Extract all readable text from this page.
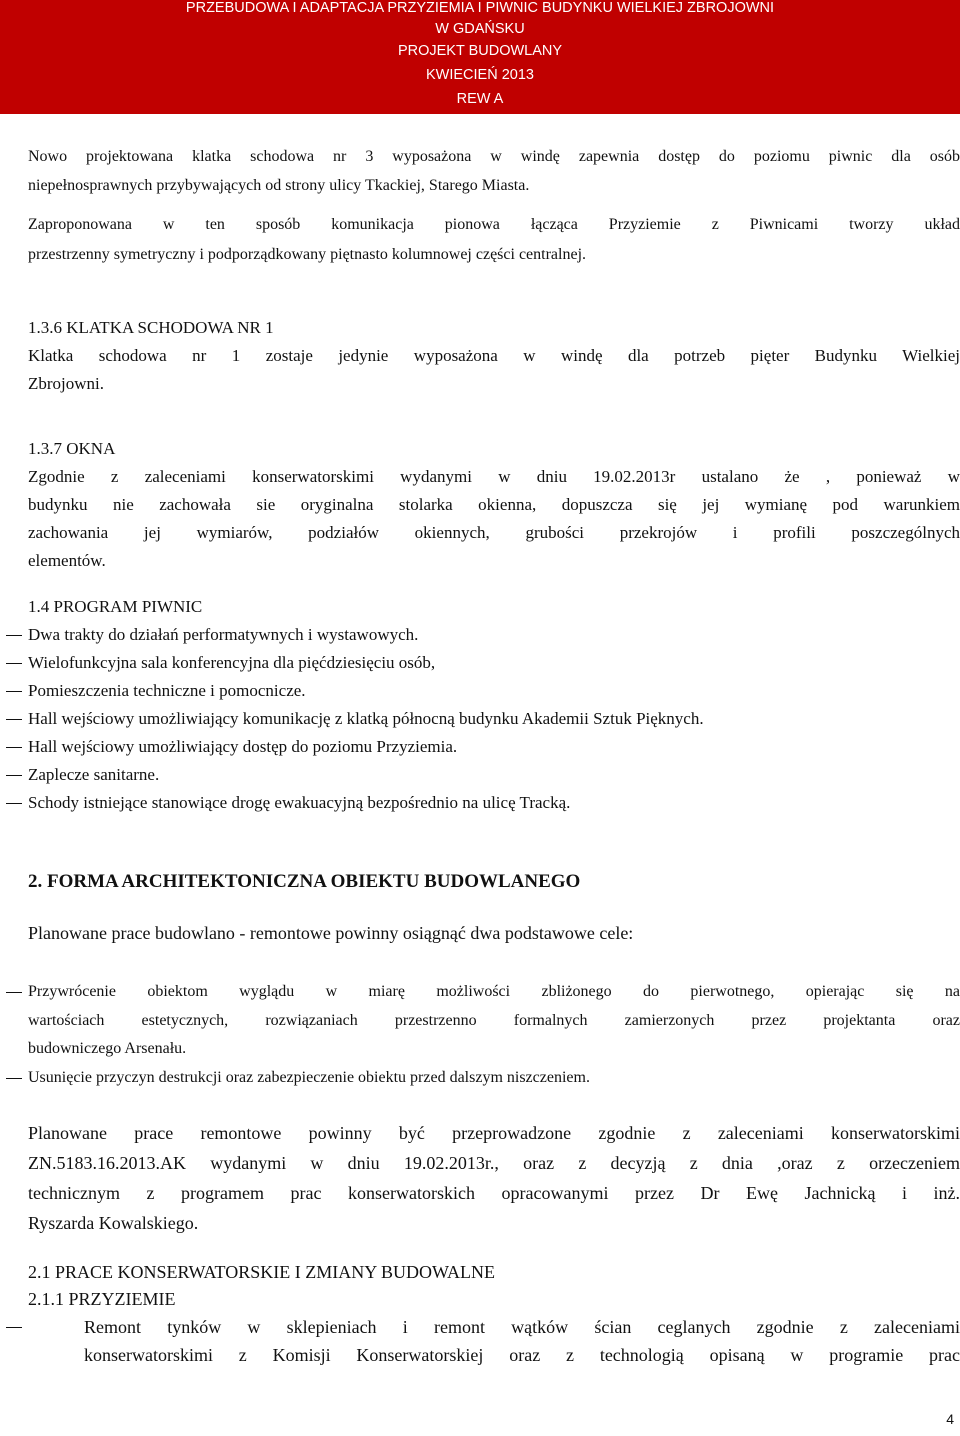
PRZEBUDOWA I ADAPTACJA PRZYZIEMIA I PIWNIC BUDYNKU WIELKIEJ ZBROJOWNI
W GDAŃSKU
PROJEKT BUDOWLANY
KWIECIEŃ 2013
REW A
Nowo projektowana klatka schodowa nr 3 wyposażona w windę zapewnia dostęp do poziomu piwnic dla osób
niepełnosprawnych przybywających od strony ulicy Tkackiej, Starego Miasta.
Zaproponowana w ten sposób komunikacja pionowa łącząca Przyziemie z Piwnicami tworzy układ
przestrzenny symetryczny i podporządkowany piętnasto kolumnowej części centralnej.
1.3.6 KLATKA SCHODOWA NR 1
Klatka schodowa nr 1 zostaje jedynie wyposażona w windę dla potrzeb pięter Budynku Wielkiej
Zbrojowni.
1.3.7 OKNA
Zgodnie z zaleceniami konserwatorskimi wydanymi w dniu 19.02.2013r ustalano że , ponieważ w
budynku nie zachowała sie oryginalna stolarka okienna, dopuszcza się jej wymianę pod warunkiem
zachowania jej wymiarów, podziałów okiennych, grubości przekrojów i profili poszczególnych
elementów.
1.4 PROGRAM PIWNIC
Dwa trakty do działań performatywnych i wystawowych.
Wielofunkcyjna sala konferencyjna dla pięćdziesięciu osób,
Pomieszczenia techniczne i pomocnicze.
Hall wejściowy umożliwiający komunikację z klatką północną budynku Akademii Sztuk Pięknych.
Hall wejściowy umożliwiający dostęp do poziomu Przyziemia.
Zaplecze sanitarne.
Schody istniejące stanowiące drogę ewakuacyjną bezpośrednio na ulicę Tracką.
2. FORMA ARCHITEKTONICZNA OBIEKTU BUDOWLANEGO
Planowane prace budowlano - remontowe powinny osiągnąć dwa podstawowe cele:
Przywrócenie obiektom wyglądu w miarę możliwości zbliżonego do pierwotnego, opierając się na
wartościach estetycznych, rozwiązaniach przestrzenno formalnych zamierzonych przez projektanta oraz
budowniczego Arsenału.
Usunięcie przyczyn destrukcji oraz zabezpieczenie obiektu przed dalszym niszczeniem.
Planowane prace remontowe powinny być przeprowadzone zgodnie z zaleceniami konserwatorskimi
ZN.5183.16.2013.AK wydanymi w dniu 19.02.2013r., oraz z decyzją z dnia ,oraz z orzeczeniem
technicznym z programem prac konserwatorskich opracowanymi przez Dr Ewę Jachnicką i inż.
Ryszarda Kowalskiego.
2.1 PRACE KONSERWATORSKIE I ZMIANY BUDOWALNE
2.1.1 PRZYZIEMIE
Remont tynków w sklepieniach i remont wątków ścian ceglanych zgodnie z zaleceniami
konserwatorskimi z Komisji Konserwatorskiej oraz z technologią opisaną w programie prac
4
